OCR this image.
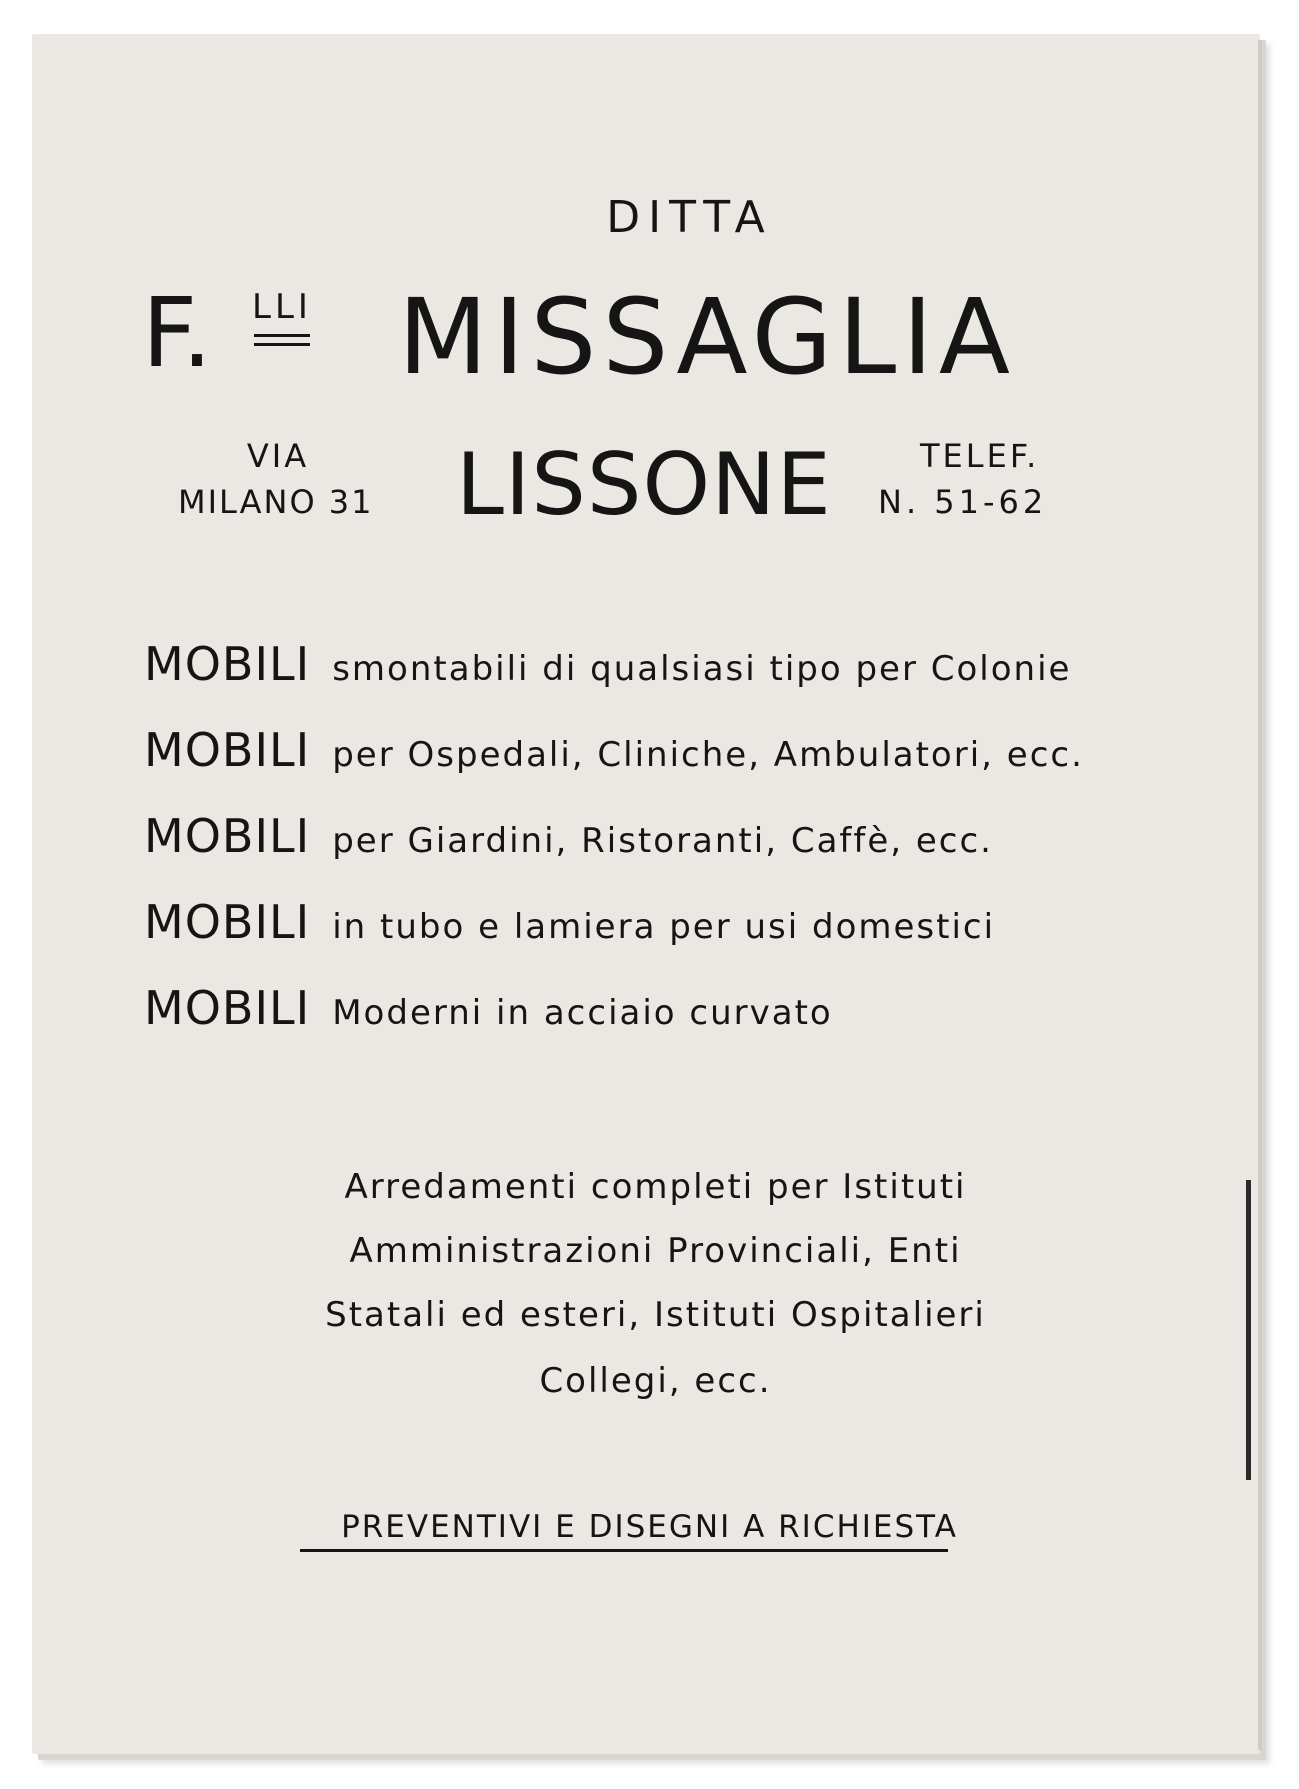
DITTA

F. LLI MISSAGLIA

VIA

MILANO 31 LISSONE	TELEF.

N. 51-62

MOBILI smontabili di qualsiasi tipo per Colonie
MOBILI per Ospedali, Cliniche, Ambulatori, ecc.
MOBILI per Giardini, Ristoranti, Caffè, ecc.
MOBILI in tubo e lamiera per usi domestici
MOBILI Moderni in acciaio curvato

Arredamenti completi per Istituti

Amministrazioni Provinciali, Enti

Statali ed esteri, Istituti Ospitalieri

Collegi, ecc.

PREVENTIVI E DISEGNI A RICHIESTA
